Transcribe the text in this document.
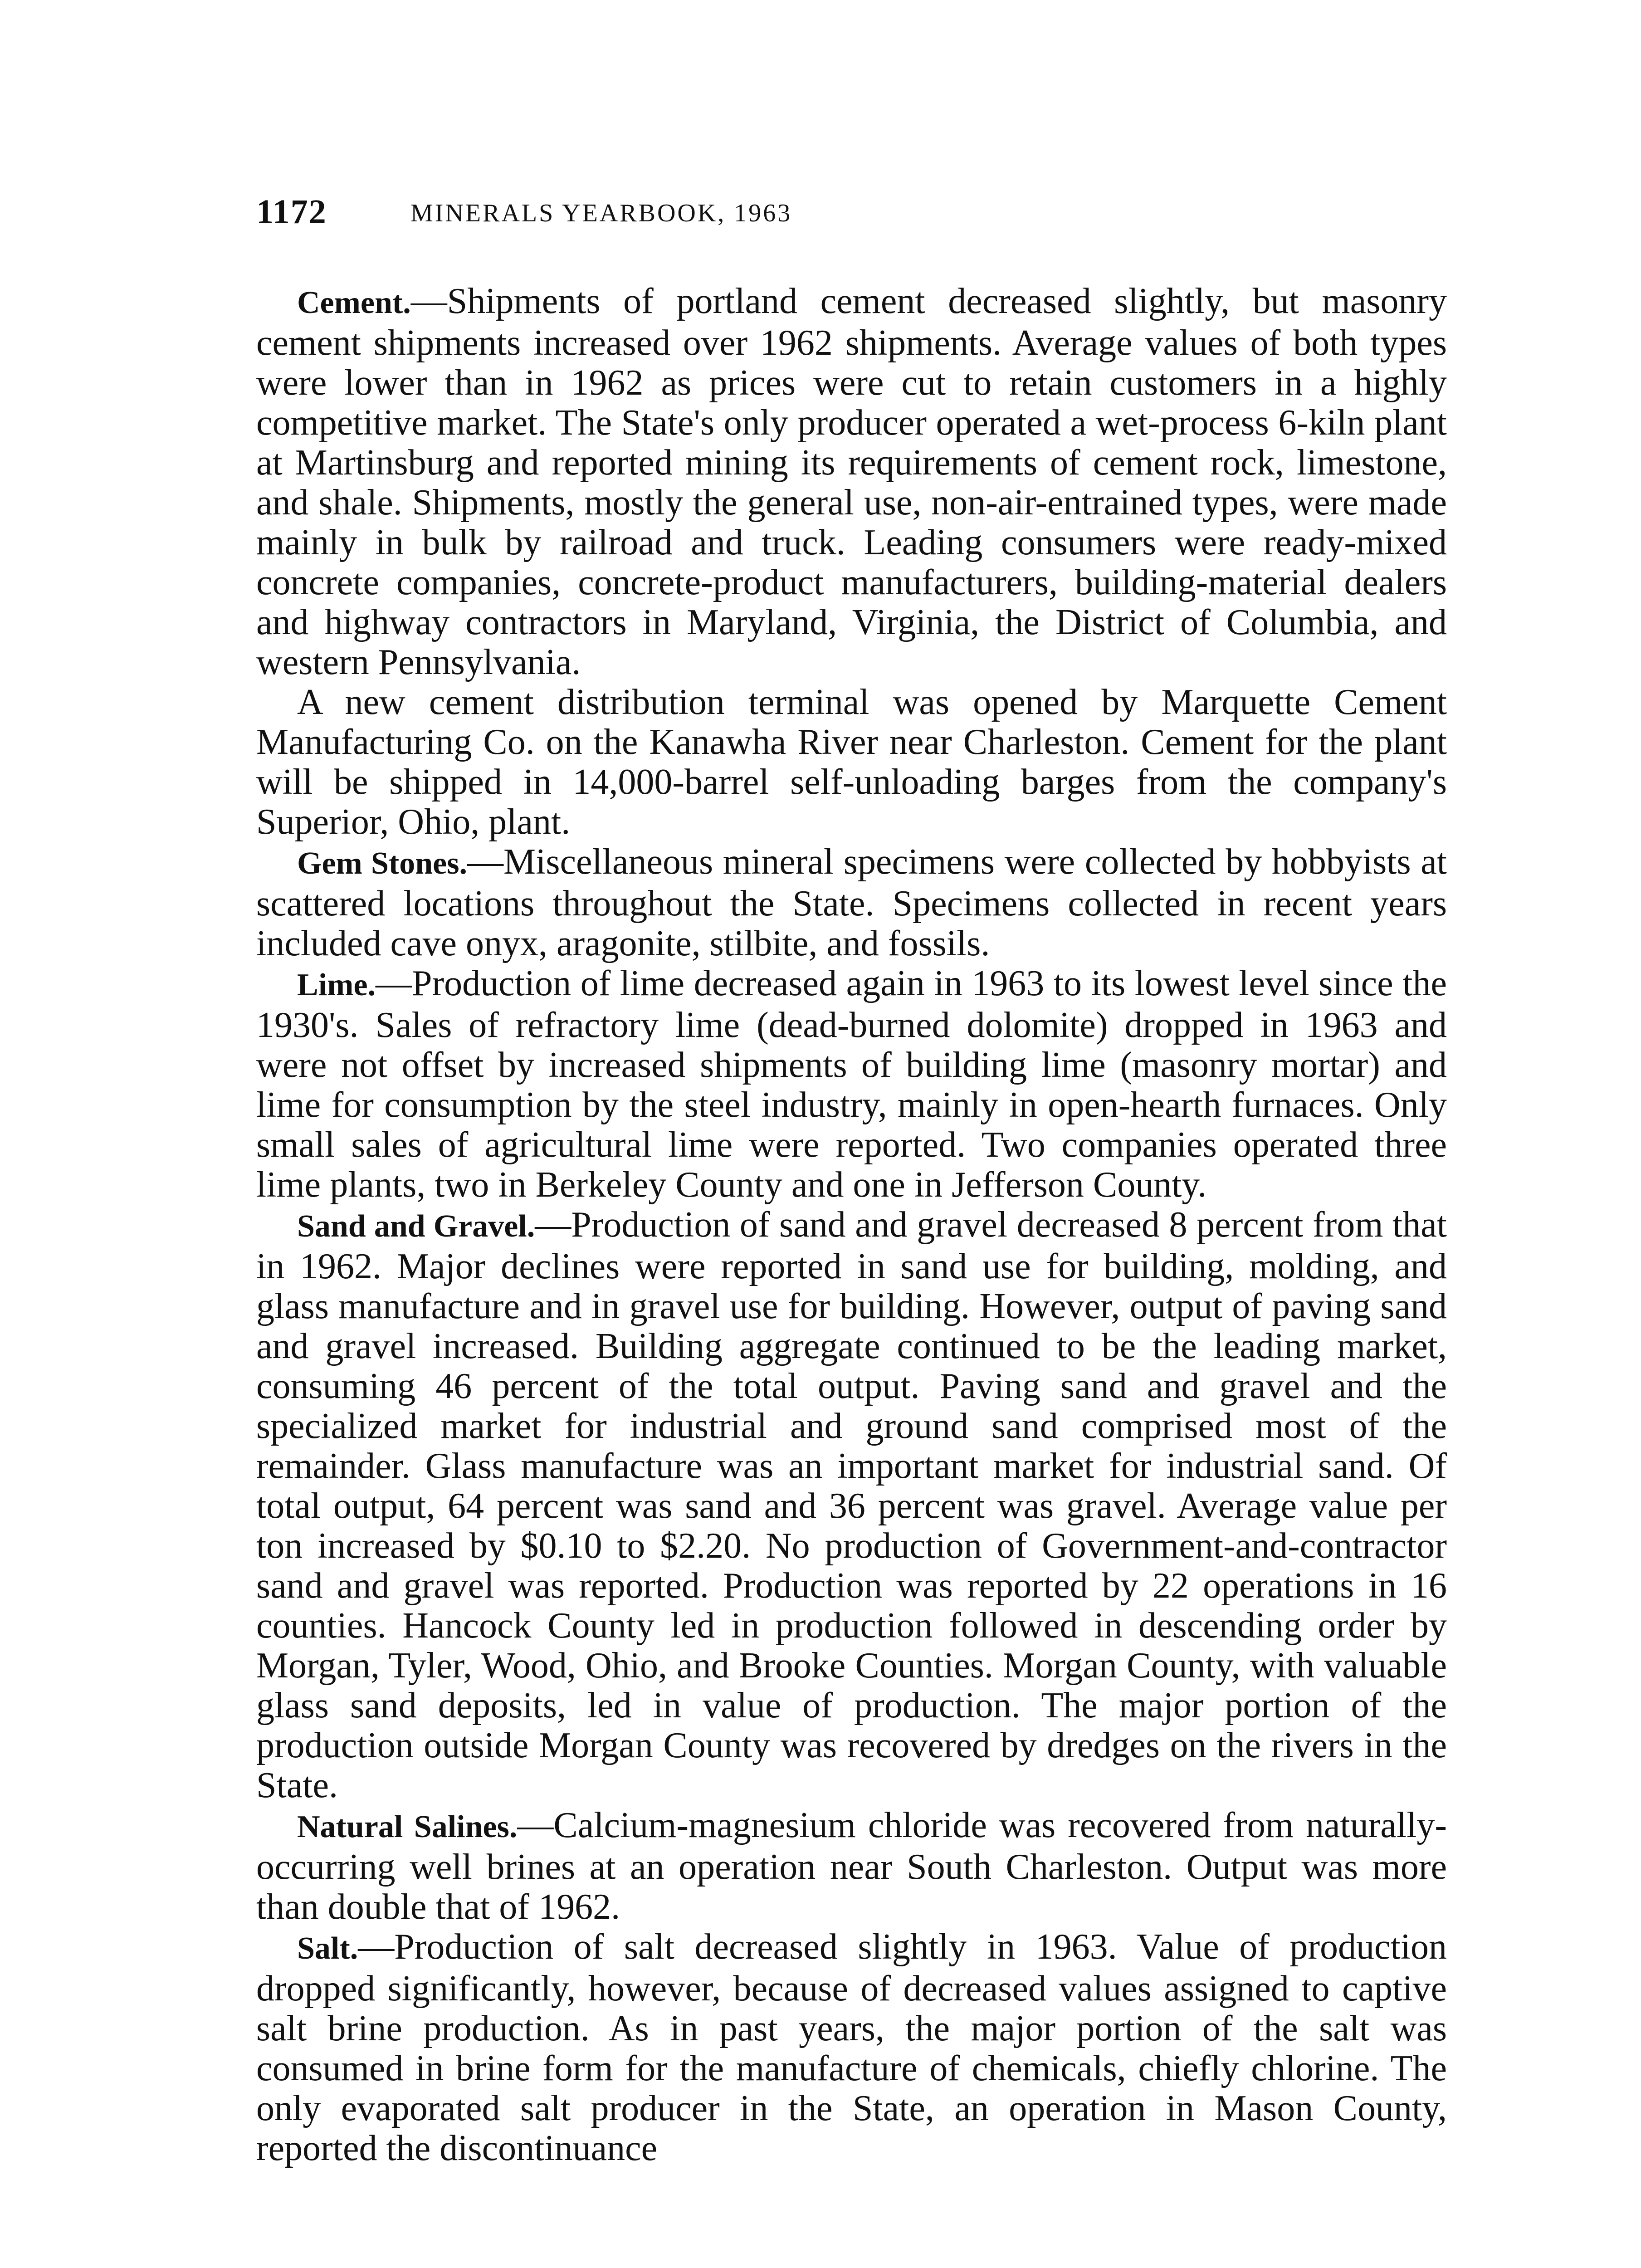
1172	MINERALS YEARBOOK, 1963

Cement.—Shipments of portland cement decreased slightly, but masonry cement shipments increased over 1962 shipments. Average values of both types were lower than in 1962 as prices were cut to retain customers in a highly competitive market. The State's only producer operated a wet-process 6-kiln plant at Martinsburg and reported mining its requirements of cement rock, limestone, and shale. Shipments, mostly the general use, non-air-entrained types, were made mainly in bulk by railroad and truck. Leading consumers were ready-mixed concrete companies, concrete-product manufacturers, building-material dealers and highway contractors in Maryland, Virginia, the District of Columbia, and western Pennsylvania.

A new cement distribution terminal was opened by Marquette Cement Manufacturing Co. on the Kanawha River near Charleston. Cement for the plant will be shipped in 14,000-barrel self-unloading barges from the company's Superior, Ohio, plant.

Gem Stones.—Miscellaneous mineral specimens were collected by hobbyists at scattered locations throughout the State. Specimens collected in recent years included cave onyx, aragonite, stilbite, and fossils.

Lime.—Production of lime decreased again in 1963 to its lowest level since the 1930's. Sales of refractory lime (dead-burned dolomite) dropped in 1963 and were not offset by increased shipments of building lime (masonry mortar) and lime for consumption by the steel industry, mainly in open-hearth furnaces. Only small sales of agricultural lime were reported. Two companies operated three lime plants, two in Berkeley County and one in Jefferson County.

Sand and Gravel.—Production of sand and gravel decreased 8 percent from that in 1962. Major declines were reported in sand use for building, molding, and glass manufacture and in gravel use for building. However, output of paving sand and gravel increased. Building aggregate continued to be the leading market, consuming 46 percent of the total output. Paving sand and gravel and the specialized market for industrial and ground sand comprised most of the remainder. Glass manufacture was an important market for industrial sand. Of total output, 64 percent was sand and 36 percent was gravel. Average value per ton increased by $0.10 to $2.20. No production of Government-and-contractor sand and gravel was reported. Production was reported by 22 operations in 16 counties. Hancock County led in production followed in descending order by Morgan, Tyler, Wood, Ohio, and Brooke Counties. Morgan County, with valuable glass sand deposits, led in value of production. The major portion of the production outside Morgan County was recovered by dredges on the rivers in the State.

Natural Salines.—Calcium-magnesium chloride was recovered from naturally-occurring well brines at an operation near South Charleston. Output was more than double that of 1962.

Salt.—Production of salt decreased slightly in 1963. Value of production dropped significantly, however, because of decreased values assigned to captive salt brine production. As in past years, the major portion of the salt was consumed in brine form for the manufacture of chemicals, chiefly chlorine. The only evaporated salt producer in the State, an operation in Mason County, reported the discontinuance
